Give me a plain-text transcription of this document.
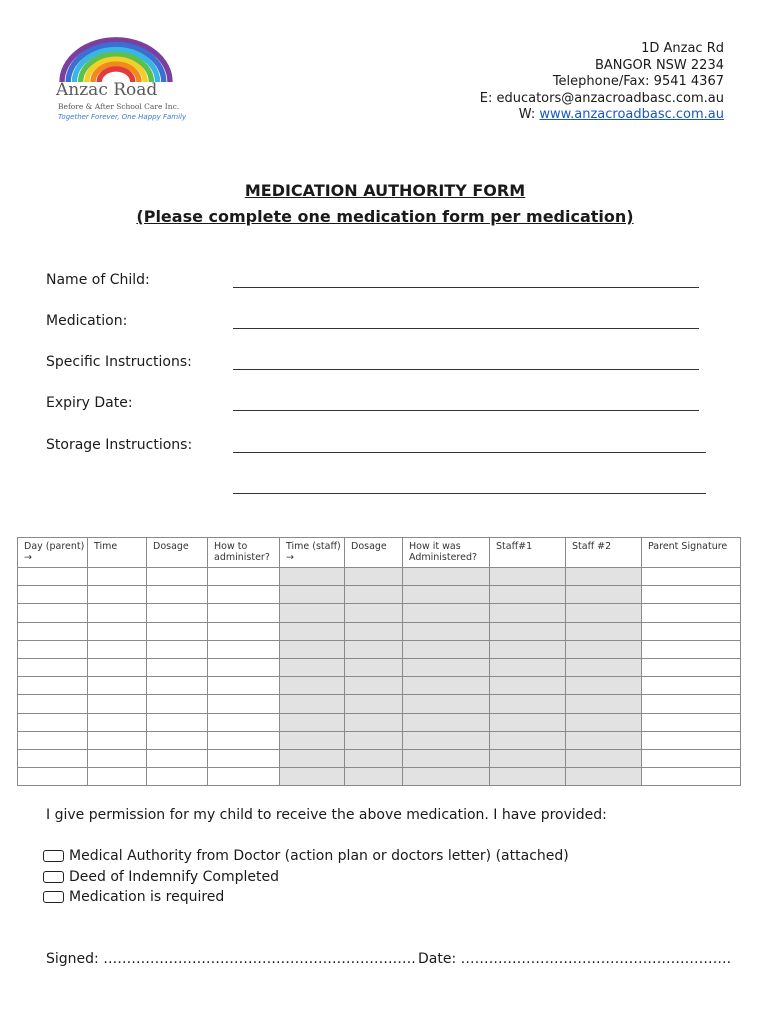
Anzac Road
Before & After School Care Inc.
Together Forever, One Happy Family
1D Anzac Rd
BANGOR NSW 2234
Telephone/Fax: 9541 4367
E: educators@anzacroadbasc.com.au
W: www.anzacroadbasc.com.au
MEDICATION AUTHORITY FORM
(Please complete one medication form per medication)
Name of Child:
Medication:
Specific Instructions:
Expiry Date:
Storage Instructions:
Day (parent) →	Time	Dosage	How to administer?	Time (staff) →	Dosage	How it was Administered?	Staff#1	Staff #2	Parent Signature

I give permission for my child to receive the above medication. I have provided:
Medical Authority from Doctor (action plan or doctors letter) (attached)
Deed of Indemnify Completed
Medication is required
Signed: …………………………………………………………. Date: ………………………………………………….
